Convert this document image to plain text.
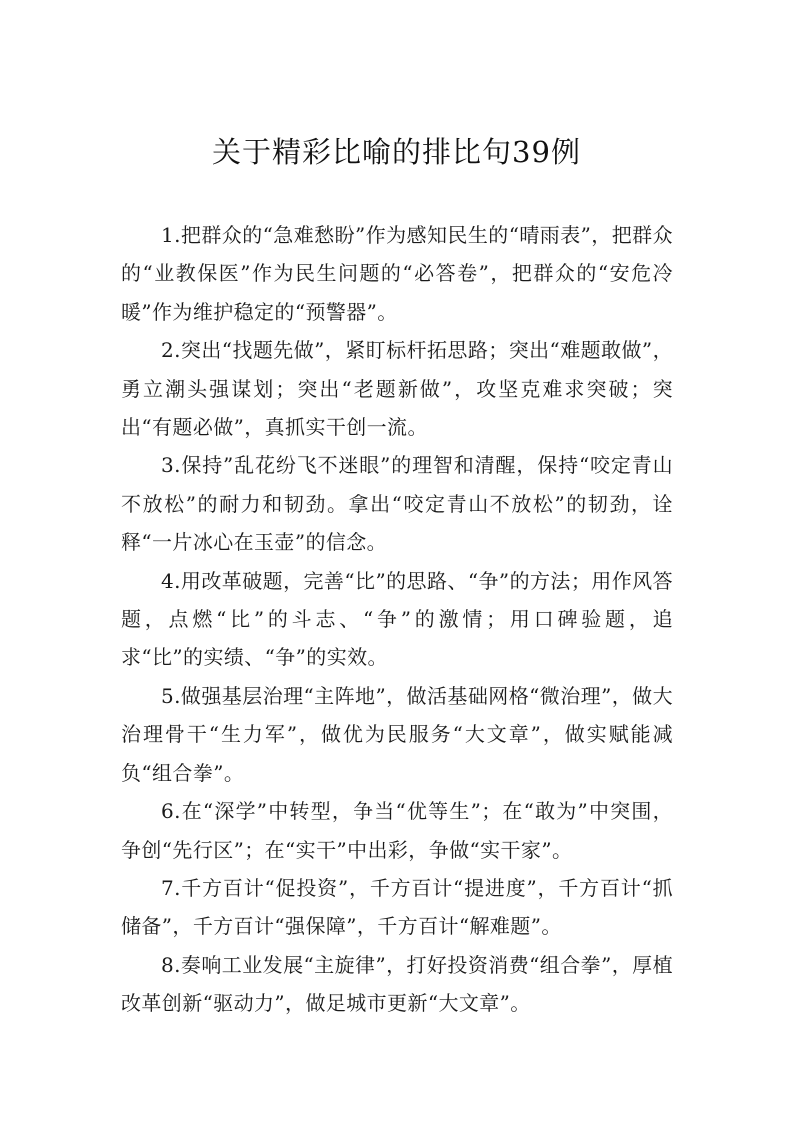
关于精彩比喻的排比句39例

1.把群众的“急难愁盼”作为感知民生的“晴雨表”，把群众的“业教保医”作为民生问题的“必答卷”，把群众的“安危冷暖”作为维护稳定的“预警器”。

2.突出“找题先做”，紧盯标杆拓思路；突出“难题敢做”，勇立潮头强谋划；突出“老题新做”，攻坚克难求突破；突出“有题必做”，真抓实干创一流。

3.保持”乱花纷飞不迷眼”的理智和清醒，保持“咬定青山不放松”的耐力和韧劲。拿出“咬定青山不放松”的韧劲，诠释“一片冰心在玉壶”的信念。

4.用改革破题，完善“比”的思路、“争”的方法；用作风答题，点燃“比”的斗志、“争”的激情；用口碑验题，追求“比”的实绩、“争”的实效。

5.做强基层治理“主阵地”，做活基础网格“微治理”，做大治理骨干“生力军”，做优为民服务“大文章”，做实赋能减负“组合拳”。

6.在“深学”中转型，争当“优等生”；在“敢为”中突围，争创“先行区”；在“实干”中出彩，争做“实干家”。

7.千方百计“促投资”，千方百计“提进度”，千方百计“抓储备”，千方百计“强保障”，千方百计“解难题”。

8.奏响工业发展“主旋律”，打好投资消费“组合拳”，厚植改革创新“驱动力”，做足城市更新“大文章”。
